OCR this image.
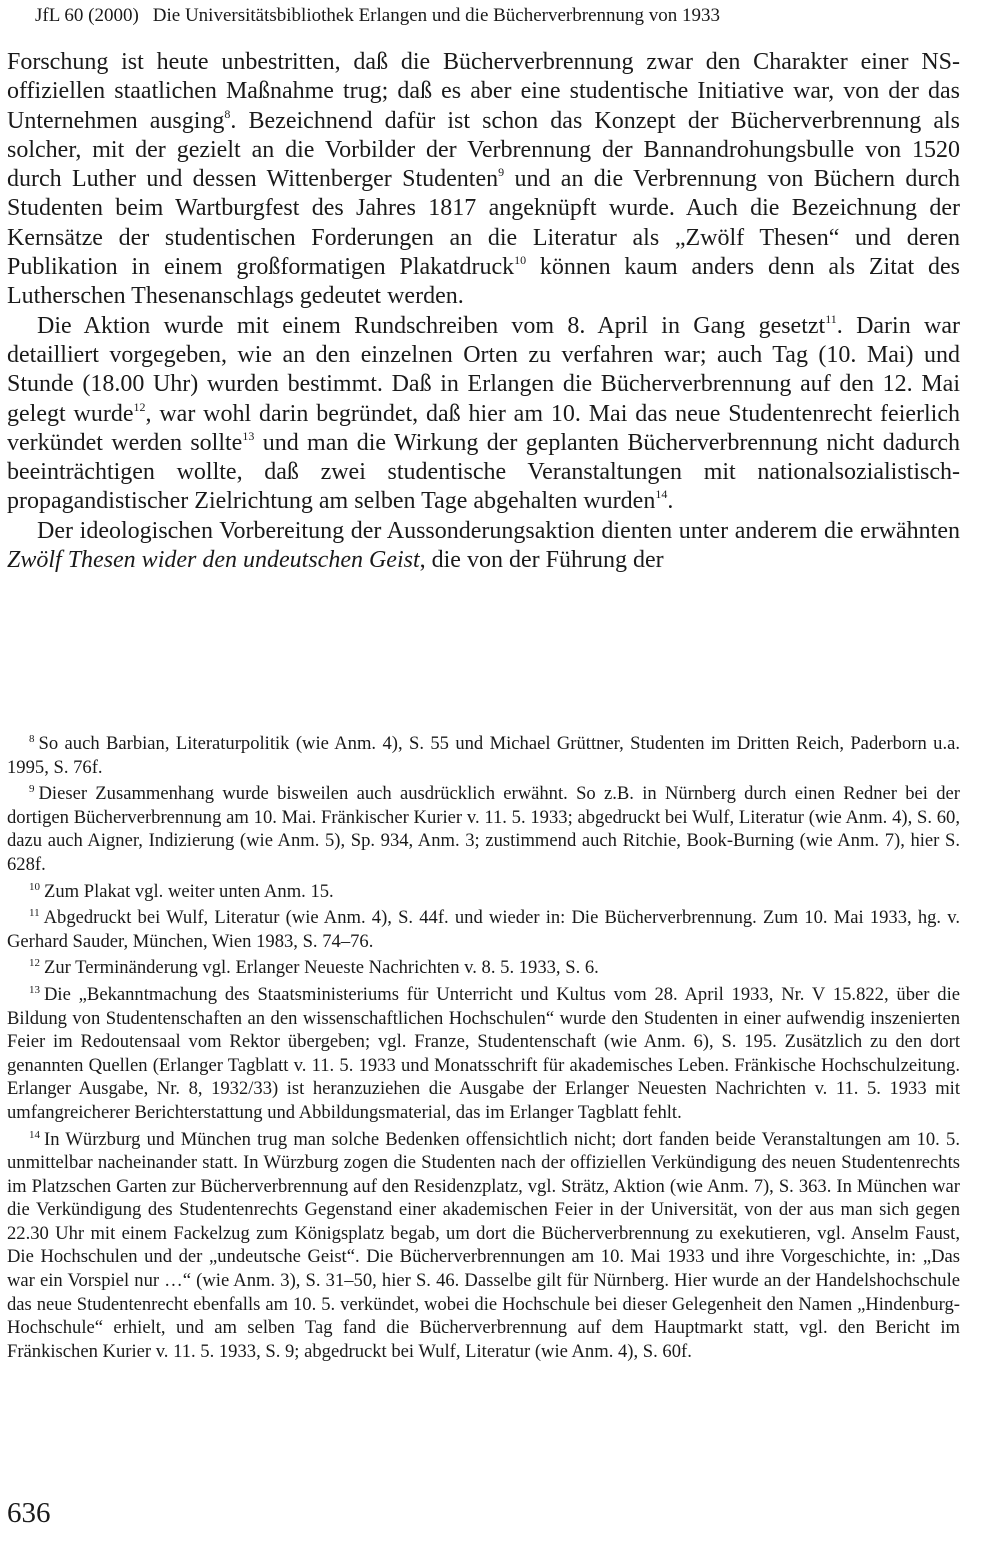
JfL 60 (2000) Die Universitätsbibliothek Erlangen und die Bücherverbrennung von 1933

Forschung ist heute unbestritten, daß die Bücherverbrennung zwar den Charakter einer NS-offiziellen staatlichen Maßnahme trug; daß es aber eine studentische Initiative war, von der das Unternehmen ausging$^8$. Bezeichnend dafür ist schon das Konzept der Bücherverbrennung als solcher, mit der gezielt an die Vorbilder der Verbrennung der Bannandrohungsbulle von 1520 durch Luther und dessen Wittenberger Studenten$^9$ und an die Verbrennung von Büchern durch Studenten beim Wartburgfest des Jahres 1817 angeknüpft wurde. Auch die Bezeichnung der Kernsätze der studentischen Forderungen an die Literatur als „Zwölf Thesen“ und deren Publikation in einem großformatigen Plakatdruck$^{10}$ können kaum anders denn als Zitat des Lutherschen Thesenanschlags gedeutet werden.

Die Aktion wurde mit einem Rundschreiben vom 8. April in Gang gesetzt$^{11}$. Darin war detailliert vorgegeben, wie an den einzelnen Orten zu verfahren war; auch Tag (10. Mai) und Stunde (18.00 Uhr) wurden bestimmt. Daß in Erlangen die Bücherverbrennung auf den 12. Mai gelegt wurde$^{12}$, war wohl darin begründet, daß hier am 10. Mai das neue Studentenrecht feierlich verkündet werden sollte$^{13}$ und man die Wirkung der geplanten Bücherverbrennung nicht dadurch beeinträchtigen wollte, daß zwei studentische Veranstaltungen mit nationalsozialistisch-propagandistischer Zielrichtung am selben Tage abgehalten wurden$^{14}$.

Der ideologischen Vorbereitung der Aussonderungsaktion dienten unter anderem die erwähnten Zwölf Thesen wider den undeutschen Geist, die von der Führung der

$^8$ So auch Barbian, Literaturpolitik (wie Anm. 4), S. 55 und Michael Grüttner, Studenten im Dritten Reich, Paderborn u.a. 1995, S. 76f.

$^9$ Dieser Zusammenhang wurde bisweilen auch ausdrücklich erwähnt. So z.B. in Nürnberg durch einen Redner bei der dortigen Bücherverbrennung am 10. Mai. Fränkischer Kurier v. 11. 5. 1933; abgedruckt bei Wulf, Literatur (wie Anm. 4), S. 60, dazu auch Aigner, Indizierung (wie Anm. 5), Sp. 934, Anm. 3; zustimmend auch Ritchie, Book-Burning (wie Anm. 7), hier S. 628f.

$^{10}$ Zum Plakat vgl. weiter unten Anm. 15.

$^{11}$ Abgedruckt bei Wulf, Literatur (wie Anm. 4), S. 44f. und wieder in: Die Bücherverbrennung. Zum 10. Mai 1933, hg. v. Gerhard Sauder, München, Wien 1983, S. 74–76.

$^{12}$ Zur Terminänderung vgl. Erlanger Neueste Nachrichten v. 8. 5. 1933, S. 6.

$^{13}$ Die „Bekanntmachung des Staatsministeriums für Unterricht und Kultus vom 28. April 1933, Nr. V 15.822, über die Bildung von Studentenschaften an den wissenschaftlichen Hochschulen“ wurde den Studenten in einer aufwendig inszenierten Feier im Redoutensaal vom Rektor übergeben; vgl. Franze, Studentenschaft (wie Anm. 6), S. 195. Zusätzlich zu den dort genannten Quellen (Erlanger Tagblatt v. 11. 5. 1933 und Monatsschrift für akademisches Leben. Fränkische Hochschulzeitung. Erlanger Ausgabe, Nr. 8, 1932/33) ist heranzuziehen die Ausgabe der Erlanger Neuesten Nachrichten v. 11. 5. 1933 mit umfangreicherer Berichterstattung und Abbildungsmaterial, das im Erlanger Tagblatt fehlt.

$^{14}$ In Würzburg und München trug man solche Bedenken offensichtlich nicht; dort fanden beide Veranstaltungen am 10. 5. unmittelbar nacheinander statt. In Würzburg zogen die Studenten nach der offiziellen Verkündigung des neuen Studentenrechts im Platzschen Garten zur Bücherverbrennung auf den Residenzplatz, vgl. Strätz, Aktion (wie Anm. 7), S. 363. In München war die Verkündigung des Studentenrechts Gegenstand einer akademischen Feier in der Universität, von der aus man sich gegen 22.30 Uhr mit einem Fackelzug zum Königsplatz begab, um dort die Bücherverbrennung zu exekutieren, vgl. Anselm Faust, Die Hochschulen und der „undeutsche Geist“. Die Bücherverbrennungen am 10. Mai 1933 und ihre Vorgeschichte, in: „Das war ein Vorspiel nur …“ (wie Anm. 3), S. 31–50, hier S. 46. Dasselbe gilt für Nürnberg. Hier wurde an der Handelshochschule das neue Studentenrecht ebenfalls am 10. 5. verkündet, wobei die Hochschule bei dieser Gelegenheit den Namen „Hindenburg-Hochschule“ erhielt, und am selben Tag fand die Bücherverbrennung auf dem Hauptmarkt statt, vgl. den Bericht im Fränkischen Kurier v. 11. 5. 1933, S. 9; abgedruckt bei Wulf, Literatur (wie Anm. 4), S. 60f.

636
